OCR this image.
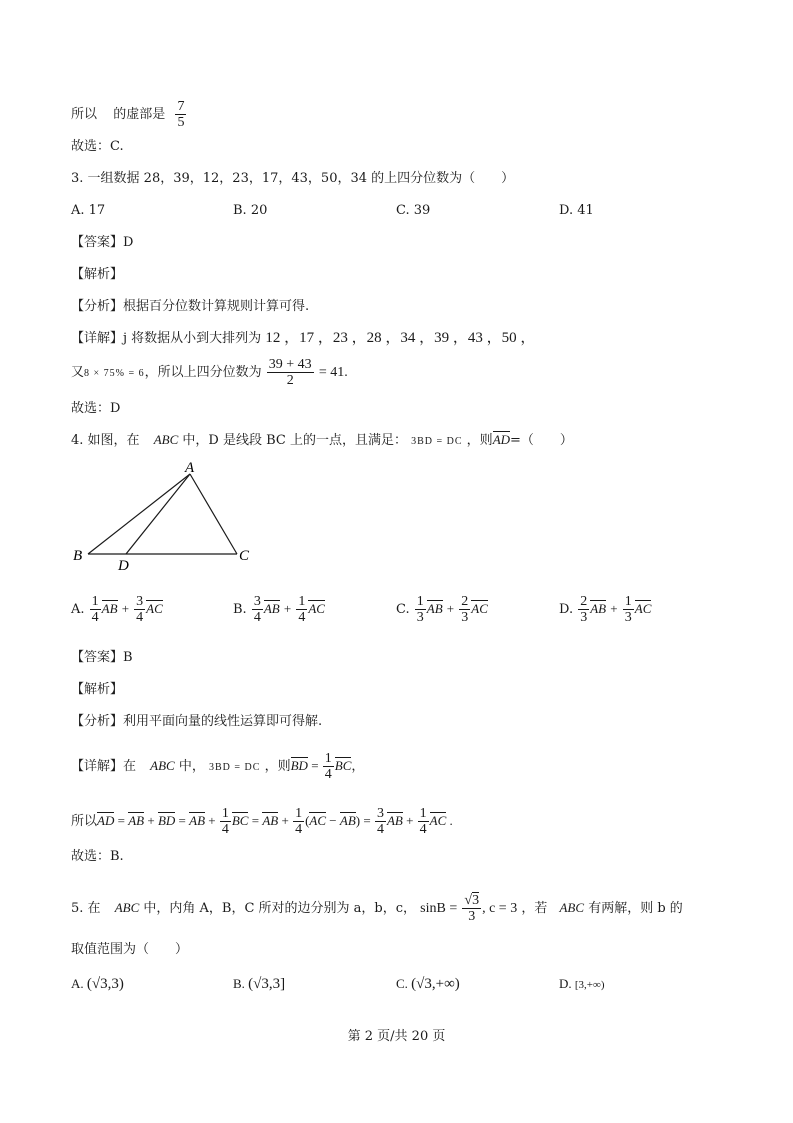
所以 的虚部是 $\frac{7}{5}$
故选：C.
3. 一组数据 28，39，12，23，17，43，50，34 的上四分位数为（　　）
A. 17	B. 20	C. 39	D. 41
【答案】D
【解析】
【分析】根据百分位数计算规则计算可得.
【详解】j 将数据从小到大排列为 12 ，17 ，23 ，28 ，34 ，39 ，43 ，50 ，
又8 × 75% = 6，所以上四分位数为 $\frac{39 + 43}{2} = 41$.
故选：D
4. 如图，在 ABC 中，D 是线段 BC 上的一点，且满足： 3BD = DC ，则AD=（　　）
A
B	C
D
A. $\frac{1}{4}$ AB + $\frac{3}{4}$ AC	B. $\frac{3}{4}$ AB + $\frac{1}{4}$ AC	C. $\frac{1}{3}$ AB + $\frac{2}{3}$ AC	D. $\frac{2}{3}$ AB + $\frac{1}{3}$ AC
【答案】B
【解析】
【分析】利用平面向量的线性运算即可得解.
【详解】在 ABC 中， 3BD = DC ，则BD = $\frac{1}{4}$ BC，
所以AD = AB + BD = AB + $\frac{1}{4}$ BC = AB + $\frac{1}{4} (AC - AB) = \frac{3}{4}$ AB + $\frac{1}{4}$ AC .
故选：B.
5. 在 ABC 中，内角 A，B，C 所对的边分别为 a，b，c， $\sin B = \frac{√3}{3}$ , c = 3 ，若 ABC 有两解，则 b 的
取值范围为（　　）
A. (√3,3)	B. (√3,3]	C. (√3,+∞)	D. [3,+∞)
第 2 页/共 20 页
